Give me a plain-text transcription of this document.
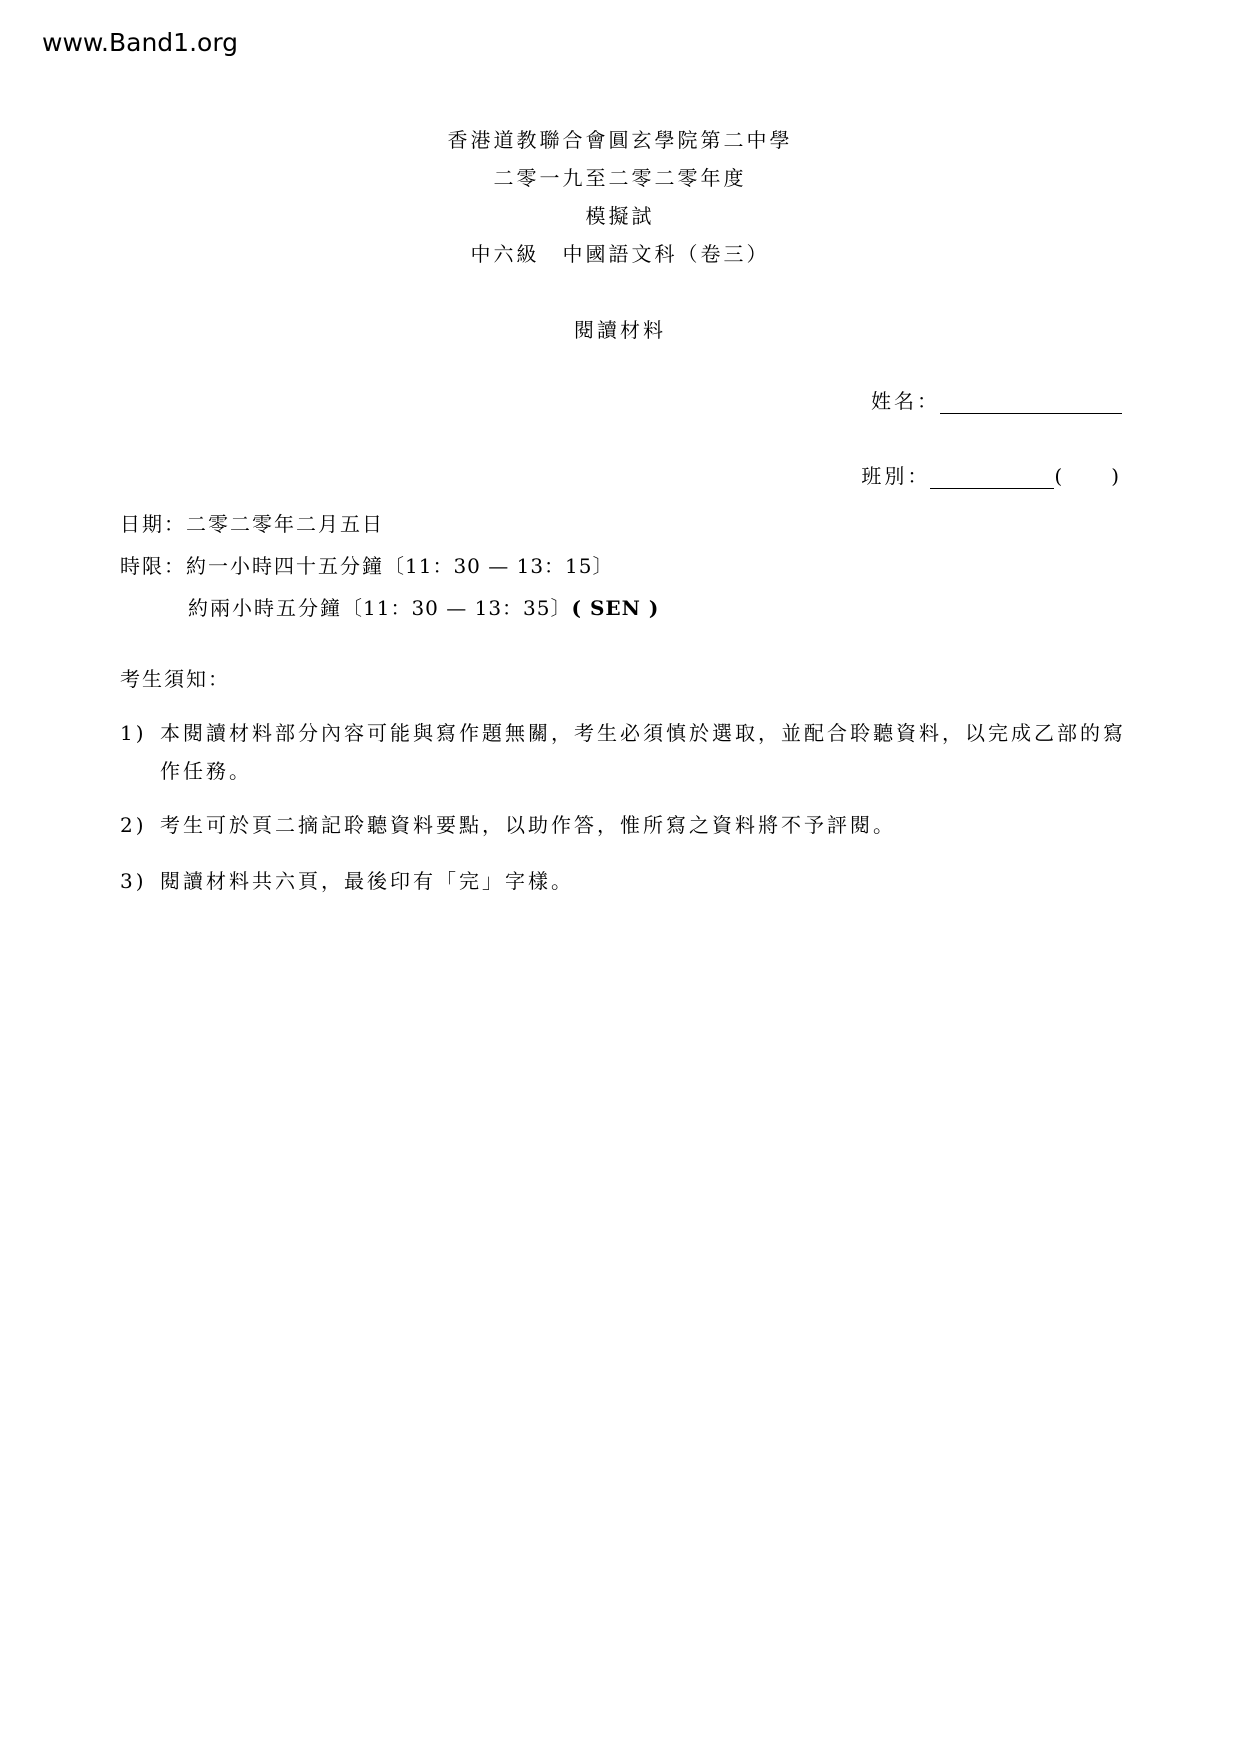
www.Band1.org
香港道教聯合會圓玄學院第二中學
二零一九至二零二零年度
模擬試
中六級　中國語文科（卷三）
閱讀材料
姓名：
班別：	(　　)
日期：二零二零年二月五日
時限：約一小時四十五分鐘〔11：30 — 13：15〕
約兩小時五分鐘〔11：30 — 13：35〕( SEN )
考生須知：
1) 本閱讀材料部分內容可能與寫作題無關，考生必須慎於選取，並配合聆聽資料，以完成乙部的寫作任務。
2) 考生可於頁二摘記聆聽資料要點，以助作答，惟所寫之資料將不予評閱。
3) 閱讀材料共六頁，最後印有「完」字樣。
